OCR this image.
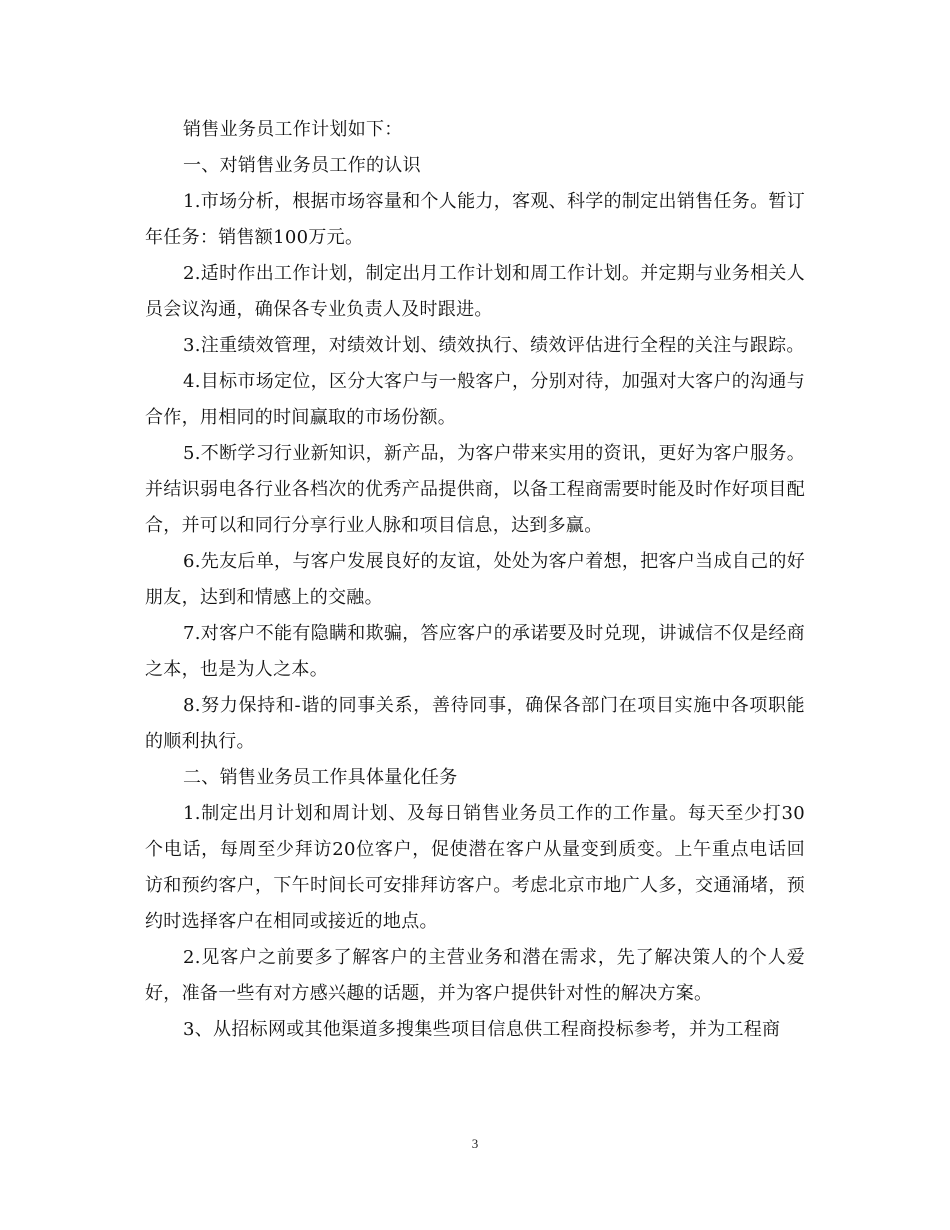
销售业务员工作计划如下：

一、对销售业务员工作的认识

1.市场分析，根据市场容量和个人能力，客观、科学的制定出销售任务。暂订年任务：销售额100万元。

2.适时作出工作计划，制定出月工作计划和周工作计划。并定期与业务相关人员会议沟通，确保各专业负责人及时跟进。

3.注重绩效管理，对绩效计划、绩效执行、绩效评估进行全程的关注与跟踪。

4.目标市场定位，区分大客户与一般客户，分别对待，加强对大客户的沟通与合作，用相同的时间赢取的市场份额。

5.不断学习行业新知识，新产品，为客户带来实用的资讯，更好为客户服务。并结识弱电各行业各档次的优秀产品提供商，以备工程商需要时能及时作好项目配合，并可以和同行分享行业人脉和项目信息，达到多赢。

6.先友后单，与客户发展良好的友谊，处处为客户着想，把客户当成自己的好朋友，达到和情感上的交融。

7.对客户不能有隐瞒和欺骗，答应客户的承诺要及时兑现，讲诚信不仅是经商之本，也是为人之本。

8.努力保持和-谐的同事关系，善待同事，确保各部门在项目实施中各项职能的顺利执行。

二、销售业务员工作具体量化任务

1.制定出月计划和周计划、及每日销售业务员工作的工作量。每天至少打30个电话，每周至少拜访20位客户，促使潜在客户从量变到质变。上午重点电话回访和预约客户，下午时间长可安排拜访客户。考虑北京市地广人多，交通涌堵，预约时选择客户在相同或接近的地点。

2.见客户之前要多了解客户的主营业务和潜在需求，先了解决策人的个人爱好，准备一些有对方感兴趣的话题，并为客户提供针对性的解决方案。

3、从招标网或其他渠道多搜集些项目信息供工程商投标参考，并为工程商

3
